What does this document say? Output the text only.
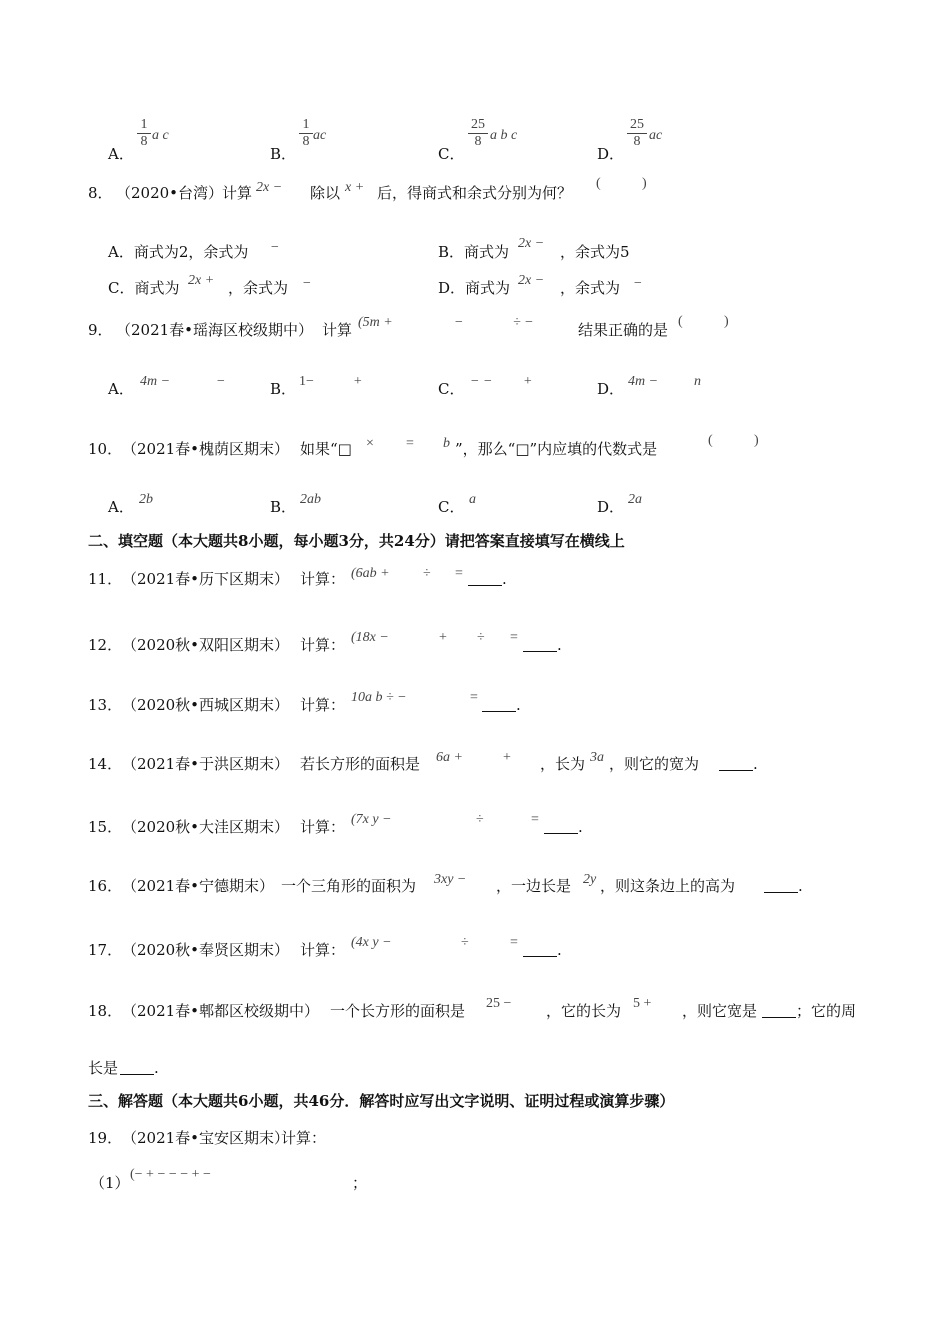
A．
1
8 a c
B．
1
8 ac
C．
25
8 a b c
D．
25
8 ac
8． （2020•台湾）
计算 2x − 除以 x + 后，得商式和余式分别为何？
(	)
A．商式为2，余式为 −	B．商式为 2x − ，余式为5
C．商式为 2x + ，余式为 −	D．商式为 2x − ，余式为 −
9． （2021春•瑶海区校级期中） 计算 (5m +	−	÷ −	结果正确的是 (	)
A． 4m −	−	B． 1−	+	C． − − +	D． 4m −	n
10． （2021春•槐荫区期末） 如果“□ × = b ”，那么“□”内应填的代数式是	(	)
A． 2b	B． 2ab	C． a	D． 2a
二、填空题（本大题共8小题，每小题3分，共24分）请把答案直接填写在横线上
11． （2021春•历下区期末） 计算： (6ab + ÷ =	.
12． （2020秋•双阳区期末） 计算： (18x −	+ ÷ =	.
13． （2020秋•西城区期末） 计算： 10a b ÷ −	=	.
14． （2021春•于洪区期末） 若长方形的面积是 6a +	+ ，长为 3a ，则它的宽为	.
15． （2020秋•大洼区期末） 计算： (7x y −	÷	=	.
16． （2021春•宁德期末） 一个三角形的面积为 3xy − ，一边长是 2y ，则这条边上的高为	.
17． （2020秋•奉贤区期末） 计算： (4x y −	÷	=	.
18． （2021春•郫都区校级期中） 一个长方形的面积是 25 − ，它的长为 5 + ，则它宽是	；它的周
长是 .
三、解答题（本大题共6小题，共46分．解答时应写出文字说明、证明过程或演算步骤）
19． （2021春•宝安区期末）
计算：
（1） (− + − − − + −	；
